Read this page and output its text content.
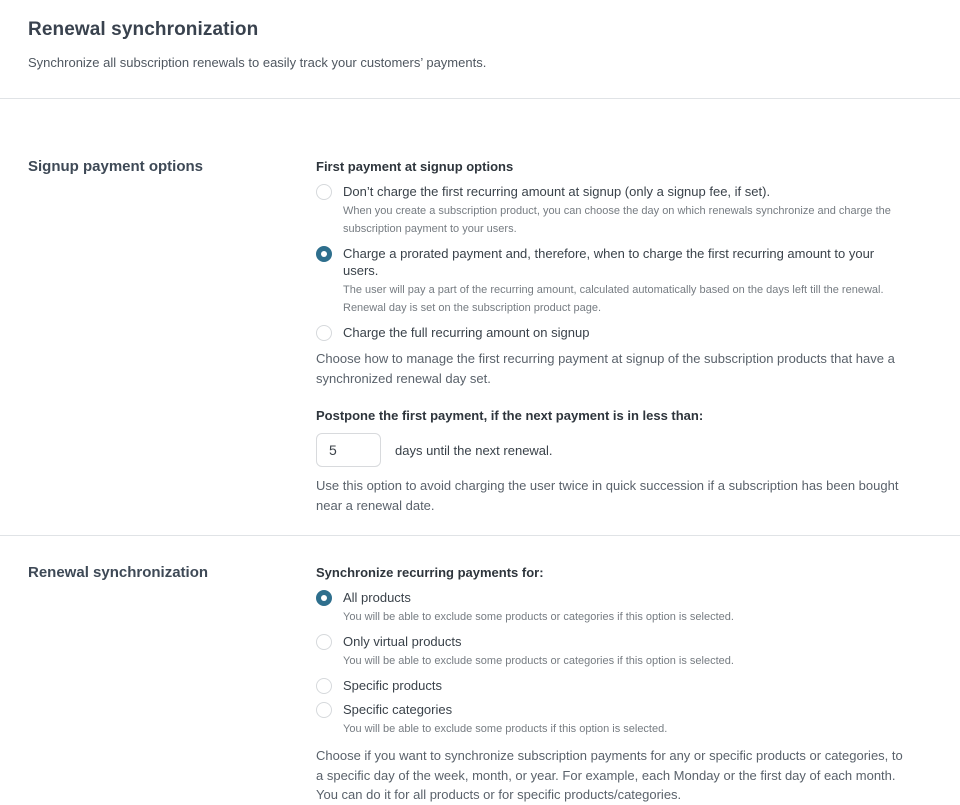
Renewal synchronization

Synchronize all subscription renewals to easily track your customers’ payments.

Signup payment options	First payment at signup options
Don’t charge the first recurring amount at signup (only a signup fee, if set).
When you create a subscription product, you can choose the day on which renewals synchronize and charge the subscription payment to your users.
Charge a prorated payment and, therefore, when to charge the first recurring amount to your users.
The user will pay a part of the recurring amount, calculated automatically based on the days left till the renewal. Renewal day is set on the subscription product page.
Charge the full recurring amount on signup

Choose how to manage the first recurring payment at signup of the subscription products that have a synchronized renewal day set.

Postpone the first payment, if the next payment is in less than:
5
days until the next renewal.

Use this option to avoid charging the user twice in quick succession if a subscription has been bought near a renewal date.

Renewal synchronization	Synchronize recurring payments for:
All products
You will be able to exclude some products or categories if this option is selected.
Only virtual products
You will be able to exclude some products or categories if this option is selected.
Specific products
Specific categories
You will be able to exclude some products if this option is selected.

Choose if you want to synchronize subscription payments for any or specific products or categories, to a specific day of the week, month, or year. For example, each Monday or the first day of each month. You can do it for all products or for specific products/categories.
